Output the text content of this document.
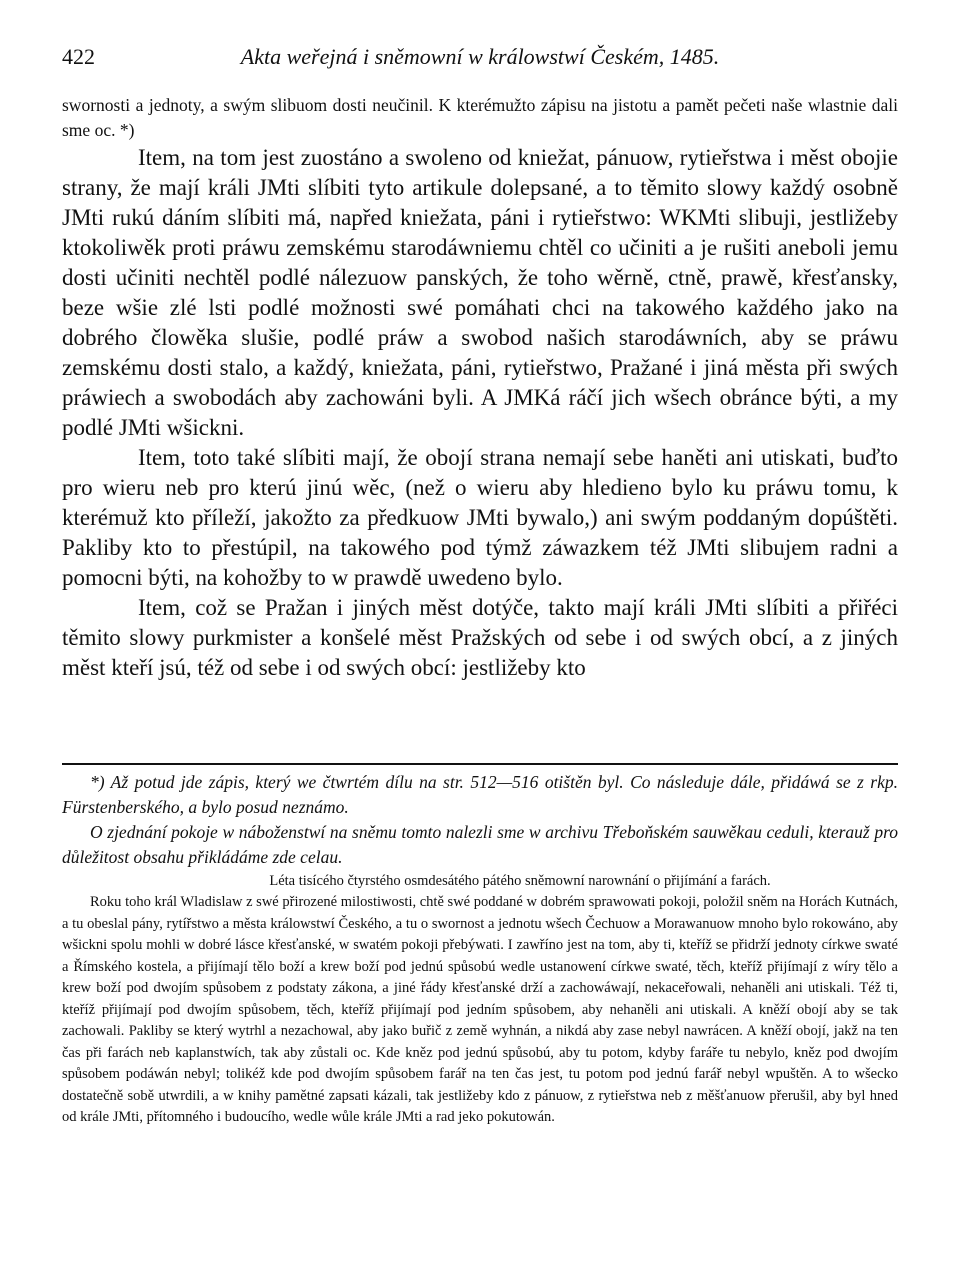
422	Akta weřejná i sněmowní w králowstwí Českém, 1485.

swornosti a jednoty, a swým slibuom dosti neučinil. K kterémužto zápisu na jistotu a pamět pečeti naše wlastnie dali sme oc. *)

Item, na tom jest zuostáno a swoleno od kniežat, pánuow, rytieřstwa i měst obojie strany, že mají králi JMti slíbiti tyto artikule dolepsané, a to těmito slowy každý osobně JMti rukú dáním slíbiti má, napřed kniežata, páni i rytieřstwo: WKMti slibuji, jestližeby ktokoliwěk proti práwu zemskému starodáwniemu chtěl co učiniti a je rušiti aneboli jemu dosti učiniti nechtěl podlé nálezuow panských, že toho wěrně, ctně, prawě, křesťansky, beze wšie zlé lsti podlé možnosti swé pomáhati chci na takowého každého jako na dobrého člowěka slušie, podlé práw a swobod našich starodáwních, aby se práwu zemskému dosti stalo, a každý, kniežata, páni, rytieřstwo, Pražané i jiná města při swých práwiech a swobodách aby zachowáni byli. A JMKá ráčí jich wšech obránce býti, a my podlé JMti wšickni.

Item, toto také slíbiti mají, že obojí strana nemají sebe haněti ani utiskati, buďto pro wieru neb pro kterú jinú wěc, (než o wieru aby hledieno bylo ku práwu tomu, k kterémuž kto přílеží, jakožto za předkuow JMti bywalo,) ani swým poddaným dopúštěti. Pakliby kto to přestúpil, na takowého pod týmž záwazkem též JMti slibujem radni a pomocni býti, na kohožby to w prawdě uwedeno bylo.

Item, což se Pražan i jiných měst dotýče, takto mají králi JMti slíbiti a přiřéci těmito slowy purkmister a konšelé měst Pražských od sebe i od swých obcí, a z jiných měst kteří jsú, též od sebe i od swých obcí: jestližeby kto

*) Až potud jde zápis, který we čtwrtém dílu na str. 512—516 otištěn byl. Co následuje dále, přidáwá se z rkp. Fürstenberského, a bylo posud neznámo.

O zjednání pokoje w náboženstwí na sněmu tomto nalezli sme w archivu Třeboňském sauwěkau ceduli, kterauž pro důležitost obsahu přikládáme zde celau.

Léta tisícého čtyrstého osmdesátého pátého sněmowní narownání o přijímání a farách.

Roku toho král Wladislaw z swé přirozené milostiwosti, chtě swé poddané w dobrém sprawowati pokoji, položil sněm na Horách Kutnách, a tu obeslal pány, rytířstwo a města králowstwí Českého, a tu o swornost a jednotu wšech Čechuow a Morawanuow mnoho bylo rokowáno, aby wšickni spolu mohli w dobré lásce křesťanské, w swatém pokoji přebýwati. I zawříno jest na tom, aby ti, kteříž se přidrží jednoty církwe swaté a Římského kostela, a přijímají tělo boží a krew boží pod jednú spůsobú wedle ustanowení církwe swaté, těch, kteříž přijímají z wíry tělo a krew boží pod dwojím spůsobem z podstaty zákona, a jiné řády křesťanské drží a zachowáwají, nekaceřowali, nehaněli ani utiskali. Též ti, kteříž přijímají pod dwojím spůsobem, těch, kteříž přijímají pod jedním spůsobem, aby nehaněli ani utiskali. A kněží obojí aby se tak zachowali. Pakliby se který wytrhl a nezachowal, aby jako buřič z země wyhnán, a nikdá aby zase nebyl nawrácen. A kněží obojí, jakž na ten čas při farách neb kaplanstwích, tak aby zůstali oc. Kde kněz pod jednú spůsobú, aby tu potom, kdyby faráře tu nebylo, kněz pod dwojím spůsobem podáwán nebyl; tolikéž kde pod dwojím spůsobem farář na ten čas jest, tu potom pod jednú farář nebyl wpuštěn. A to wšecko dostatečně sobě utwrdili, a w knihy pamětné zapsati kázali, tak jestližeby kdo z pánuow, z rytieřstwa neb z měšťanuow přerušil, aby byl hned od krále JMti, přítomného i budoucího, wedle wůle krále JMti a rad jeko pokutowán.
